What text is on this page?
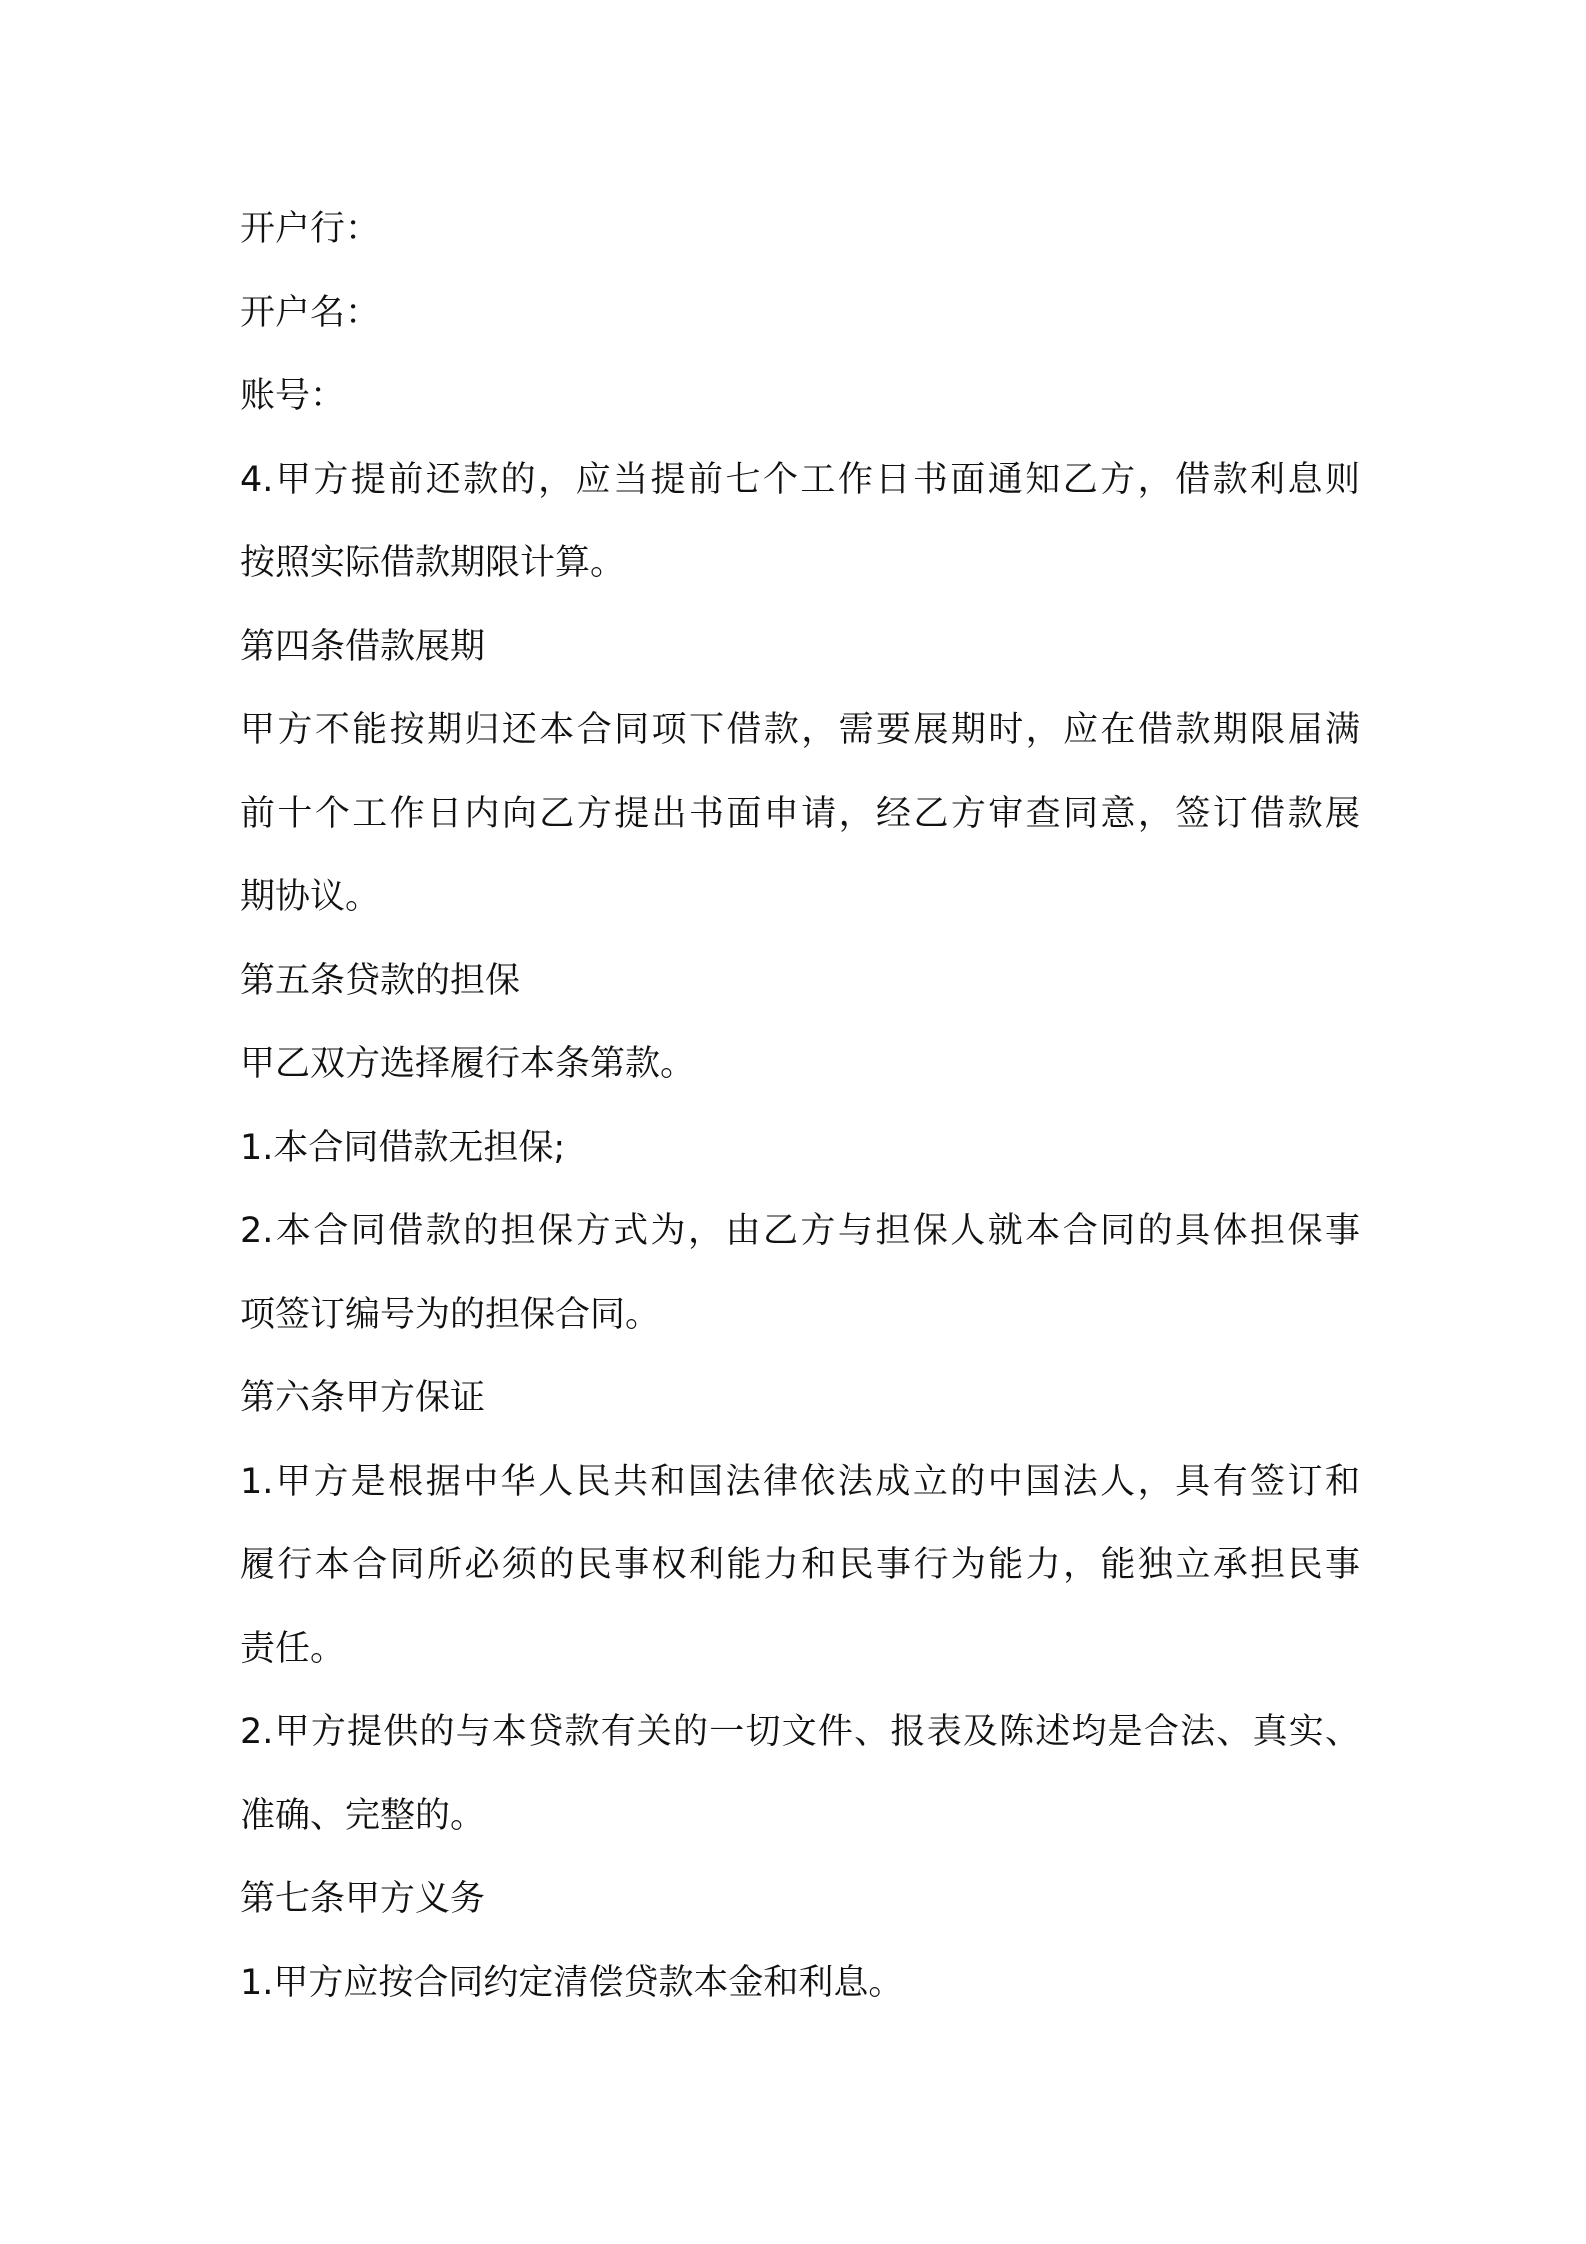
开户行：
开户名：
账号：
4.甲方提前还款的，应当提前七个工作日书面通知乙方，借款利息则
按照实际借款期限计算。
第四条借款展期
甲方不能按期归还本合同项下借款，需要展期时，应在借款期限届满
前十个工作日内向乙方提出书面申请，经乙方审查同意，签订借款展
期协议。
第五条贷款的担保
甲乙双方选择履行本条第款。
1.本合同借款无担保;
2.本合同借款的担保方式为，由乙方与担保人就本合同的具体担保事
项签订编号为的担保合同。
第六条甲方保证
1.甲方是根据中华人民共和国法律依法成立的中国法人，具有签订和
履行本合同所必须的民事权利能力和民事行为能力，能独立承担民事
责任。
2.甲方提供的与本贷款有关的一切文件、报表及陈述均是合法、真实、
准确、完整的。
第七条甲方义务
1.甲方应按合同约定清偿贷款本金和利息。
